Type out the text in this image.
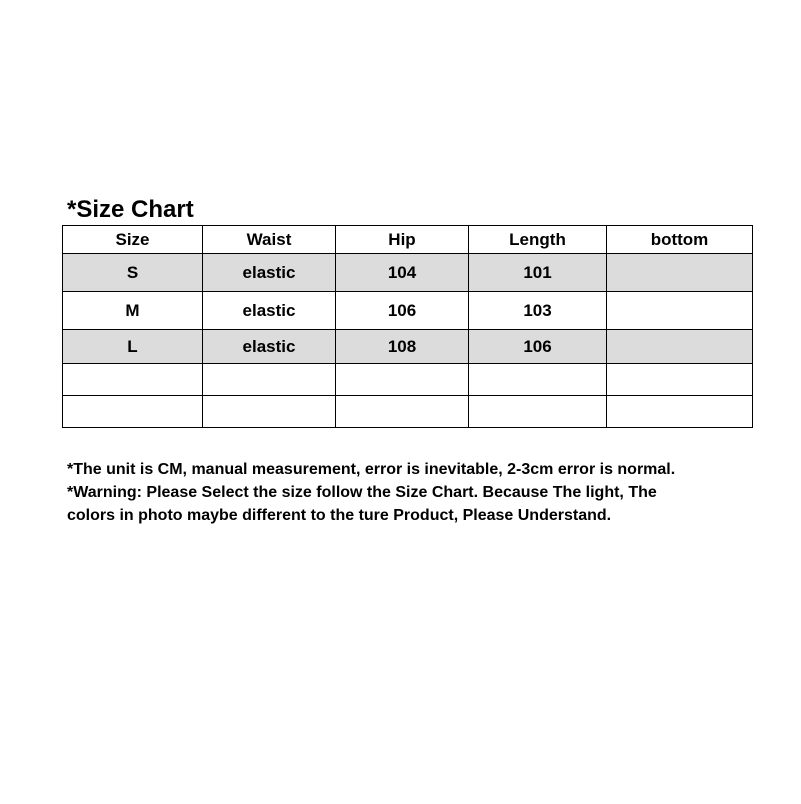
*Size Chart
Size	Waist	Hip	Length	bottom
S	elastic	104	101	
M	elastic	106	103	
L	elastic	108	106	

*The unit is CM, manual measurement, error is inevitable, 2-3cm error is normal.

*Warning: Please Select the size follow the Size Chart. Because The light, The

colors in photo maybe different to the ture Product, Please Understand.
